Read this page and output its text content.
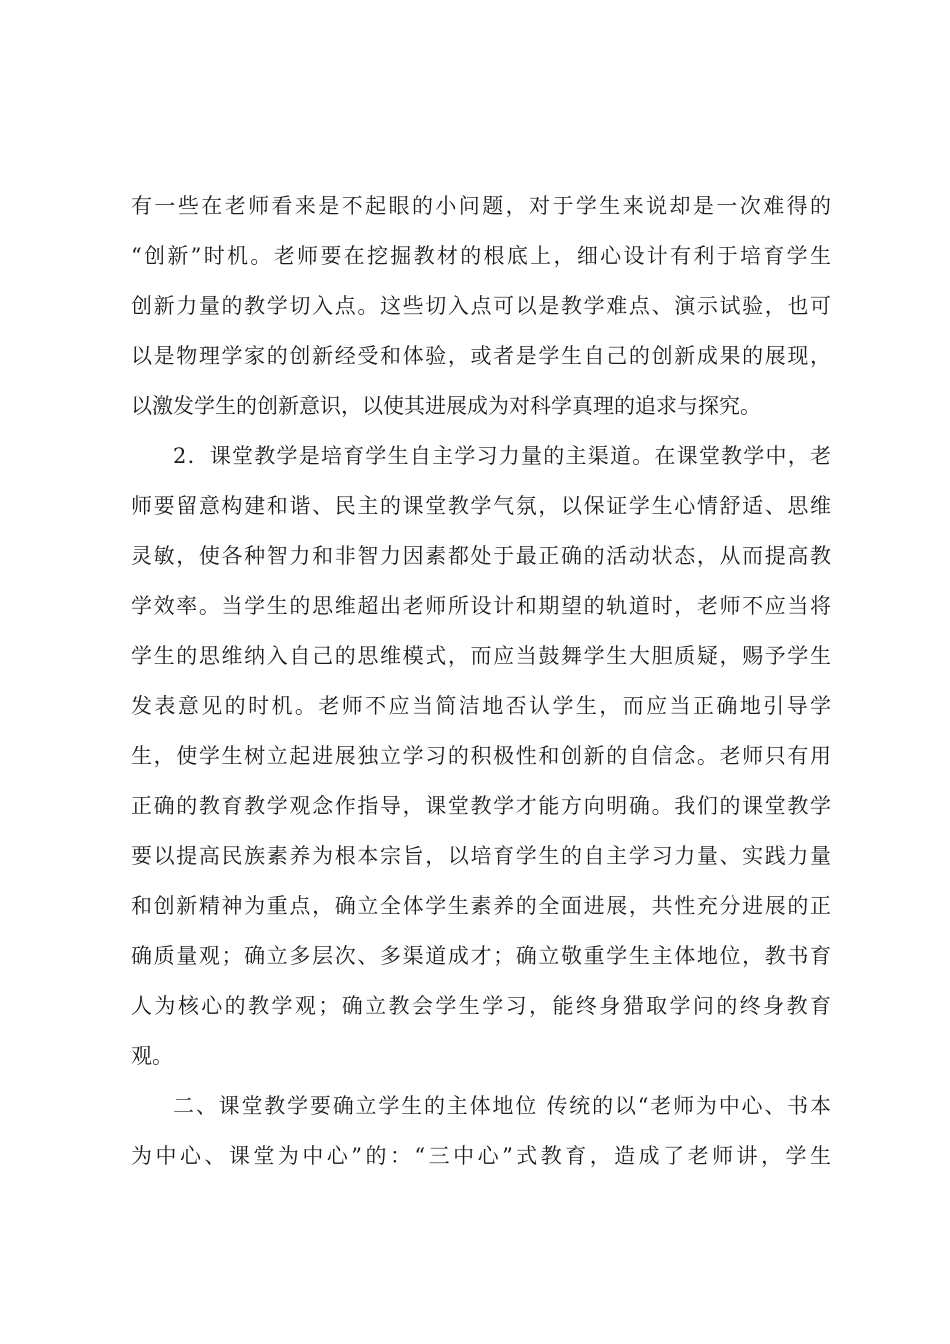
有一些在老师看来是不起眼的小问题，对于学生来说却是一次难得的
“创新”时机。老师要在挖掘教材的根底上，细心设计有利于培育学生
创新力量的教学切入点。这些切入点可以是教学难点、演示试验，也可
以是物理学家的创新经受和体验，或者是学生自己的创新成果的展现，
以激发学生的创新意识，以使其进展成为对科学真理的追求与探究。
2．课堂教学是培育学生自主学习力量的主渠道。在课堂教学中，老
师要留意构建和谐、民主的课堂教学气氛，以保证学生心情舒适、思维
灵敏，使各种智力和非智力因素都处于最正确的活动状态，从而提高教
学效率。当学生的思维超出老师所设计和期望的轨道时，老师不应当将
学生的思维纳入自己的思维模式，而应当鼓舞学生大胆质疑，赐予学生
发表意见的时机。老师不应当简洁地否认学生，而应当正确地引导学
生，使学生树立起进展独立学习的积极性和创新的自信念。老师只有用
正确的教育教学观念作指导，课堂教学才能方向明确。我们的课堂教学
要以提高民族素养为根本宗旨，以培育学生的自主学习力量、实践力量
和创新精神为重点，确立全体学生素养的全面进展，共性充分进展的正
确质量观；确立多层次、多渠道成才；确立敬重学生主体地位，教书育
人为核心的教学观；确立教会学生学习，能终身猎取学问的终身教育
观。
二、课堂教学要确立学生的主体地位 传统的以“老师为中心、书本
为中心、课堂为中心”的：“三中心”式教育，造成了老师讲，学生
